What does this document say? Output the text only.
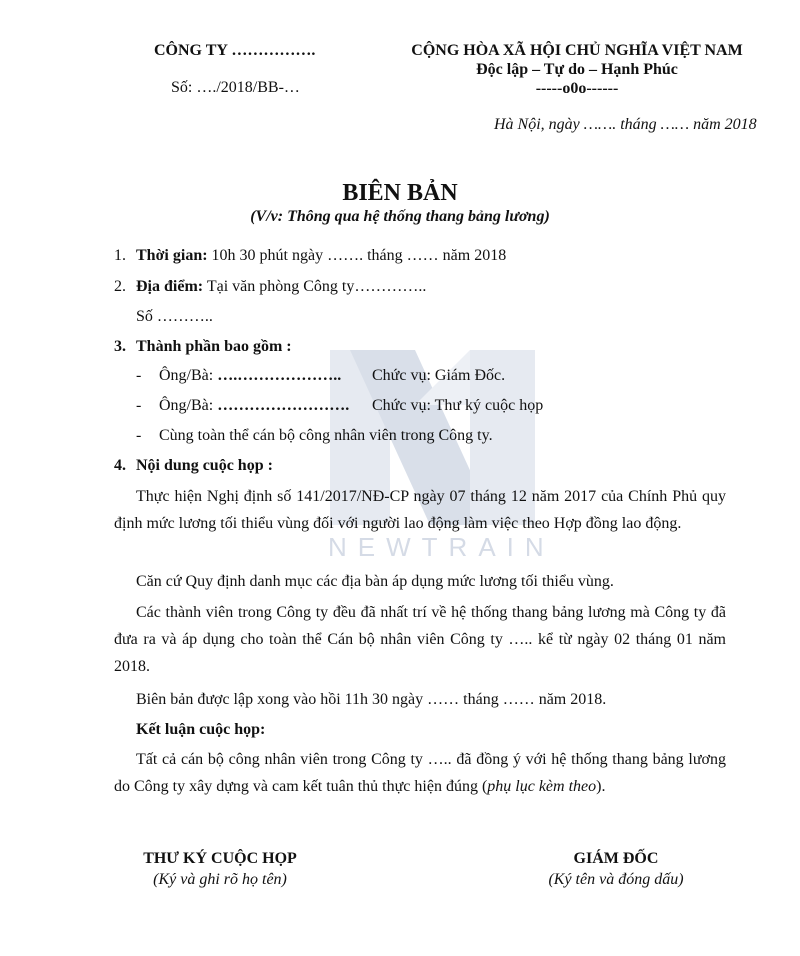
NEWTRAIN
CÔNG TY …………….
Số: …./2018/BB-…
CỘNG HÒA XÃ HỘI CHỦ NGHĨA VIỆT NAM
Độc lập – Tự do – Hạnh Phúc
-----o0o------
Hà Nội, ngày ……. tháng …… năm 2018
BIÊN BẢN
(V/v: Thông qua hệ thống thang bảng lương)
1. Thời gian: 10h 30 phút ngày ……. tháng …… năm 2018
2. Địa điểm: Tại văn phòng Công ty…………..
Số ………..
3. Thành phần bao gồm :
- Ông/Bà: ….……………….. Chức vụ: Giám Đốc.
- Ông/Bà: ……………………. Chức vụ: Thư ký cuộc họp
- Cùng toàn thể cán bộ công nhân viên trong Công ty.
4. Nội dung cuộc họp :
Thực hiện Nghị định số 141/2017/NĐ-CP ngày 07 tháng 12 năm 2017 của Chính Phủ quy định mức lương tối thiểu vùng đối với người lao động làm việc theo Hợp đồng lao động.
Căn cứ Quy định danh mục các địa bàn áp dụng mức lương tối thiểu vùng.
Các thành viên trong Công ty đều đã nhất trí về hệ thống thang bảng lương mà Công ty đã đưa ra và áp dụng cho toàn thể Cán bộ nhân viên Công ty ….. kể từ ngày 02 tháng 01 năm 2018.
Biên bản được lập xong vào hồi 11h 30 ngày …… tháng …… năm 2018.
Kết luận cuộc họp:
Tất cả cán bộ công nhân viên trong Công ty ….. đã đồng ý với hệ thống thang bảng lương do Công ty xây dựng và cam kết tuân thủ thực hiện đúng (phụ lục kèm theo).
THƯ KÝ CUỘC HỌP
(Ký và ghi rõ họ tên)
GIÁM ĐỐC
(Ký tên và đóng dấu)
